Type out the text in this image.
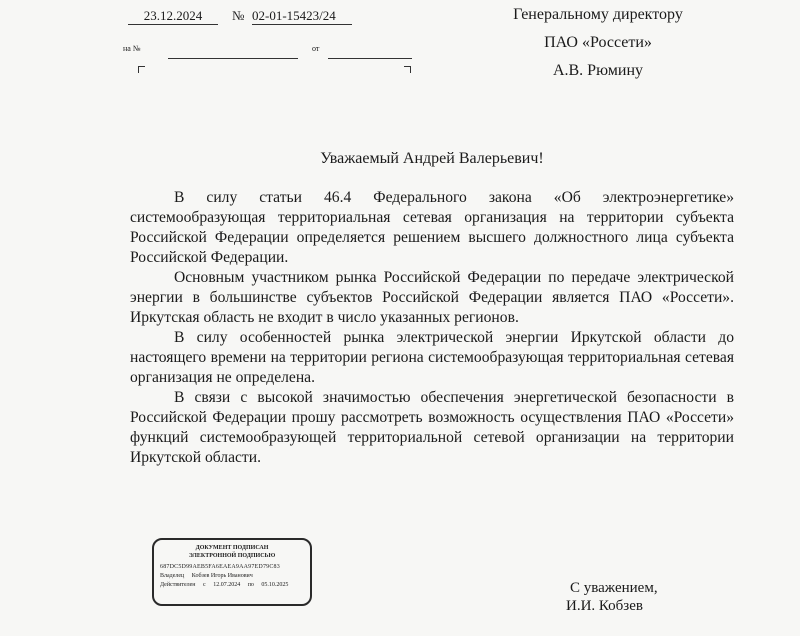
23.12.2024	№ 02-01-15423/24
на №	от
Генеральному директору
ПАО «Россети»
А.В. Рюмину
Уважаемый Андрей Валерьевич!

В силу статьи 46.4 Федерального закона «Об электроэнергетике» системообразующая территориальная сетевая организация на территории субъекта Российской Федерации определяется решением высшего должностного лица субъекта Российской Федерации.

Основным участником рынка Российской Федерации по передаче электрической энергии в большинстве субъектов Российской Федерации является ПАО «Россети». Иркутская область не входит в число указанных регионов.

В силу особенностей рынка электрической энергии Иркутской области до настоящего времени на территории региона системообразующая территориальная сетевая организация не определена.

В связи с высокой значимостью обеспечения энергетической безопасности в Российской Федерации прошу рассмотреть возможность осуществления ПАО «Россети» функций системообразующей территориальной сетевой организации на территории Иркутской области.

ДОКУМЕНТ ПОДПИСАН
ЭЛЕКТРОННОЙ ПОДПИСЬЮ
687DC5D99AEB5FA6EAEA9AA97ED79C83
Владелец Кобзев Игорь Иванович
Действителен с 12.07.2024 по 05.10.2025	С уважением,
И.И. Кобзев
